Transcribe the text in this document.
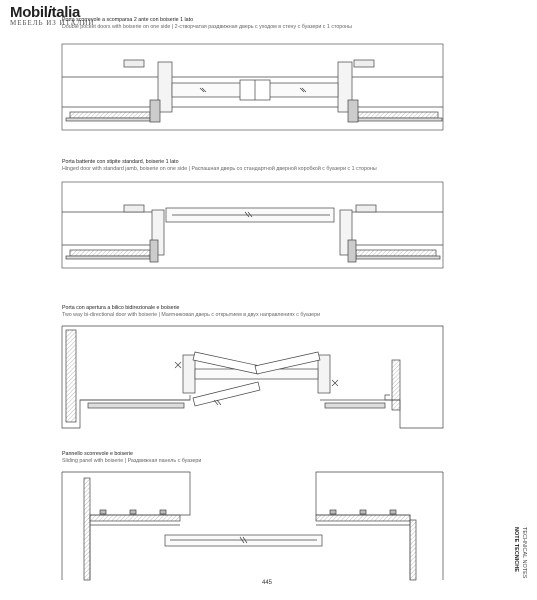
Mobilitalia
МЕБЕЛЬ ИЗ ИТАЛИИ
Porta scorrevole a scomparsa 2 ante con boiserie 1 lato
Double pocket doors with boiserie on one side | 2-створчатая раздвижная дверь с уходом в стену с буазери с 1 стороны
Porta battente con stipite standard, boiserie 1 lato
Hinged door with standard jamb, boiserie on one side | Распашная дверь со стандартной дверной коробкой с буазери с 1 стороны
Porta con apertura a bilico bidirezionale e boiserie
Two way bi-directional door with boiserie | Маятниковая дверь с открытием в двух направлениях с буазери
Pannello scorrevole e boiserie
Sliding panel with boiserie | Раздвижная панель с буазери
445
NOTE TECNICHE TECHNICAL NOTES
